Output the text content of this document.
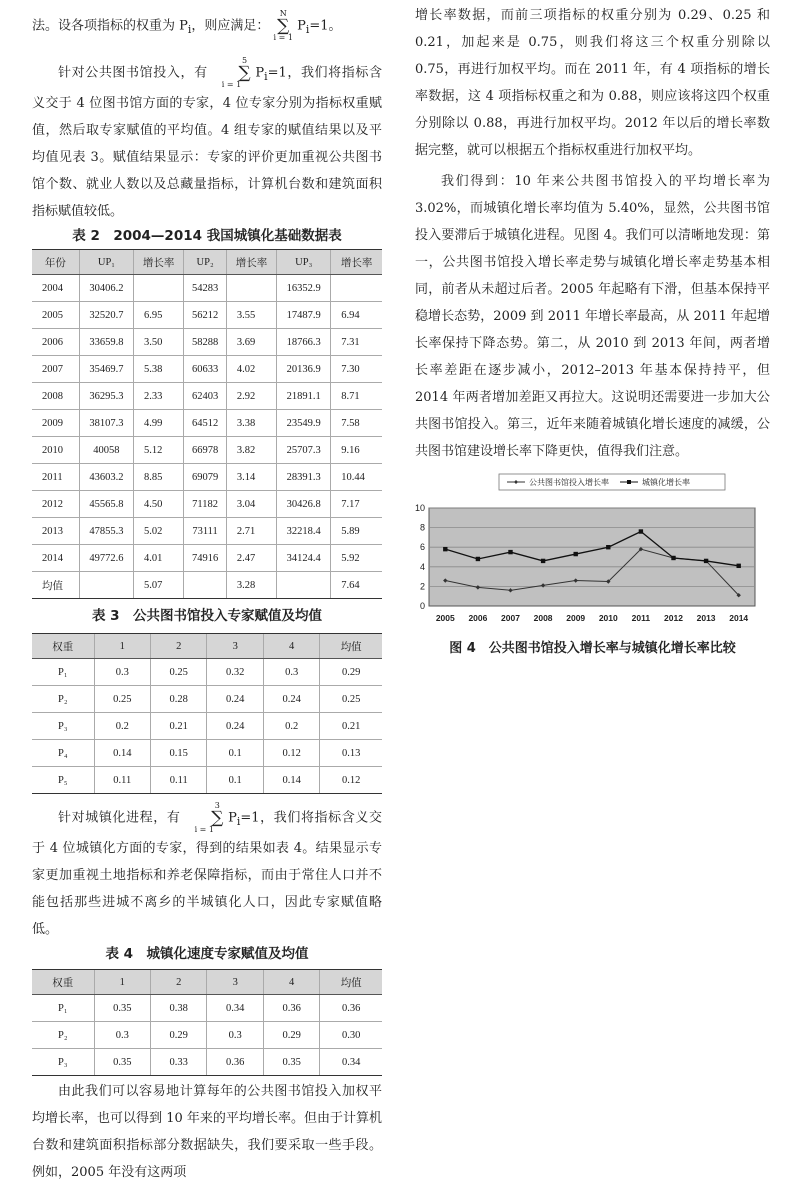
法。设各项指标的权重为 $P_i$，则应满足： N
∑
i = 1 $P_i=1$。

针对公共图书馆投入，有 5
∑
i = 1 $P_i=1$，我们将指标含义交于 4 位图书馆方面的专家，4 位专家分别为指标权重赋值，然后取专家赋值的平均值。4 组专家的赋值结果以及平均值见表 3。赋值结果显示：专家的评价更加重视公共图书馆个数、就业人数以及总藏量指标，计算机台数和建筑面积指标赋值较低。

表 2　2004—2014 我国城镇化基础数据表
年份	UP₁	增长率	UP₂	增长率	UP₃	增长率
2004	30406.2		54283		16352.9	
2005	32520.7	6.95	56212	3.55	17487.9	6.94
2006	33659.8	3.50	58288	3.69	18766.3	7.31
2007	35469.7	5.38	60633	4.02	20136.9	7.30
2008	36295.3	2.33	62403	2.92	21891.1	8.71
2009	38107.3	4.99	64512	3.38	23549.9	7.58
2010	40058	5.12	66978	3.82	25707.3	9.16
2011	43603.2	8.85	69079	3.14	28391.3	10.44
2012	45565.8	4.50	71182	3.04	30426.8	7.17
2013	47855.3	5.02	73111	2.71	32218.4	5.89
2014	49772.6	4.01	74916	2.47	34124.4	5.92
均值		5.07		3.28		7.64
表 3　公共图书馆投入专家赋值及均值
权重	1	2	3	4	均值
P₁	0.3	0.25	0.32	0.3	0.29
P₂	0.25	0.28	0.24	0.24	0.25
P₃	0.2	0.21	0.24	0.2	0.21
P₄	0.14	0.15	0.1	0.12	0.13
P₅	0.11	0.11	0.1	0.14	0.12

针对城镇化进程，有 3
∑
i = 1 $P_i=1$，我们将指标含义交于 4 位城镇化方面的专家，得到的结果如表 4。结果显示专家更加重视土地指标和养老保障指标，而由于常住人口并不能包括那些进城不离乡的半城镇化人口，因此专家赋值略低。

表 4　城镇化速度专家赋值及均值
权重	1	2	3	4	均值
P₁	0.35	0.38	0.34	0.36	0.36
P₂	0.3	0.29	0.3	0.29	0.30
P₃	0.35	0.33	0.36	0.35	0.34

由此我们可以容易地计算每年的公共图书馆投入加权平均增长率，也可以得到 10 年来的平均增长率。但由于计算机台数和建筑面积指标部分数据缺失，我们要采取一些手段。例如，2005 年没有这两项

增长率数据，而前三项指标的权重分别为 0.29、0.25 和 0.21，加起来是 0.75，则我们将这三个权重分别除以 0.75，再进行加权平均。而在 2011 年，有 4 项指标的增长率数据，这 4 项指标权重之和为 0.88，则应该将这四个权重分别除以 0.88，再进行加权平均。2012 年以后的增长率数据完整，就可以根据五个指标权重进行加权平均。

我们得到：10 年来公共图书馆投入的平均增长率为 3.02%，而城镇化增长率均值为 5.40%，显然，公共图书馆投入要滞后于城镇化进程。见图 4。我们可以清晰地发现：第一，公共图书馆投入增长率走势与城镇化增长率走势基本相同，前者从未超过后者。2005 年起略有下滑，但基本保持平稳增长态势，2009 到 2011 年增长率最高，从 2011 年起增长率保持下降态势。第二，从 2010 到 2013 年间，两者增长率差距在逐步减小，2012–2013 年基本保持持平，但 2014 年两者增加差距又再拉大。这说明还需要进一步加大公共图书馆投入。第三，近年来随着城镇化增长速度的减缓，公共图书馆建设增长率下降更快，值得我们注意。

0
2
4
6
8
10
2005 2006 2007 2008 2009 2010 2011 2012 2013 2014
公共图书馆投入增长率	城镇化增长率
图 4　公共图书馆投入增长率与城镇化增长率比较
